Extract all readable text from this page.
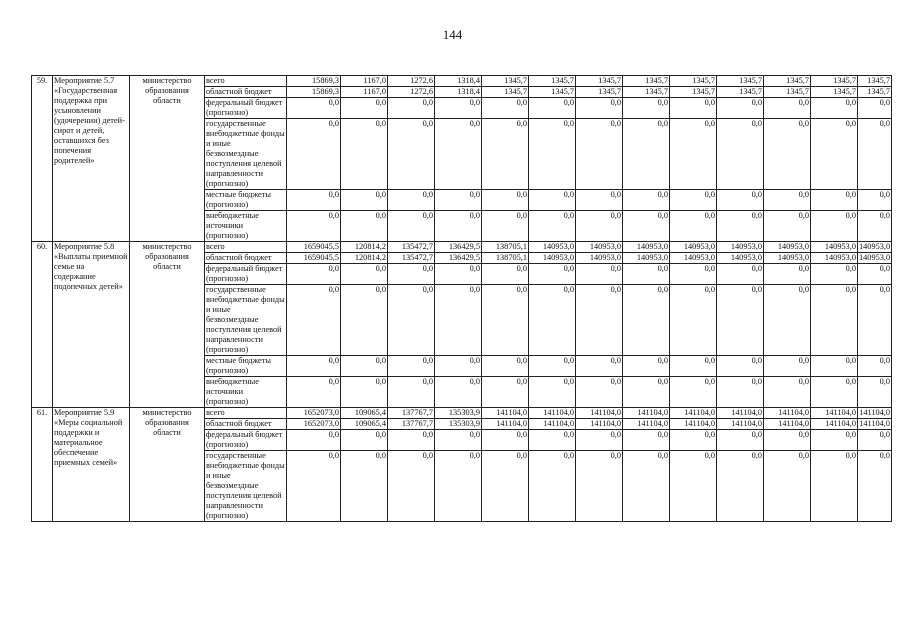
144
59.	Мероприятие 5.7 «Государственная поддержка при усыновлении (удочерении) детей-сирот и детей, оставшихся без попечения родителей»	министерство образования области	всего	15869,3	1167,0	1272,6	1318,4	1345,7	1345,7	1345,7	1345,7	1345,7	1345,7	1345,7	1345,7	1345,7
			областной бюджет	15869,3	1167,0	1272,6	1318,4	1345,7	1345,7	1345,7	1345,7	1345,7	1345,7	1345,7	1345,7	1345,7
			федеральный бюджет (прогнозно)	0,0	0,0	0,0	0,0	0,0	0,0	0,0	0,0	0,0	0,0	0,0	0,0	0,0
			государственные внебюджетные фонды и иные безвозмездные поступления целевой направленности (прогнозно)	0,0	0,0	0,0	0,0	0,0	0,0	0,0	0,0	0,0	0,0	0,0	0,0	0,0
			местные бюджеты (прогнозно)	0,0	0,0	0,0	0,0	0,0	0,0	0,0	0,0	0,0	0,0	0,0	0,0	0,0
			внебюджетные источники (прогнозно)	0,0	0,0	0,0	0,0	0,0	0,0	0,0	0,0	0,0	0,0	0,0	0,0	0,0
60.	Мероприятие 5.8 «Выплаты приемной семье на содержание подопечных детей»	министерство образования области	всего	1659045,5	120814,2	135472,7	136429,5	138705,1	140953,0	140953,0	140953,0	140953,0	140953,0	140953,0	140953,0	140953,0
			областной бюджет	1659045,5	120814,2	135472,7	136429,5	138705,1	140953,0	140953,0	140953,0	140953,0	140953,0	140953,0	140953,0	140953,0
			федеральный бюджет (прогнозно)	0,0	0,0	0,0	0,0	0,0	0,0	0,0	0,0	0,0	0,0	0,0	0,0	0,0
			государственные внебюджетные фонды и иные безвозмездные поступления целевой направленности (прогнозно)	0,0	0,0	0,0	0,0	0,0	0,0	0,0	0,0	0,0	0,0	0,0	0,0	0,0
			местные бюджеты (прогнозно)	0,0	0,0	0,0	0,0	0,0	0,0	0,0	0,0	0,0	0,0	0,0	0,0	0,0
			внебюджетные источники (прогнозно)	0,0	0,0	0,0	0,0	0,0	0,0	0,0	0,0	0,0	0,0	0,0	0,0	0,0
61.	Мероприятие 5.9 «Меры социальной поддержки и материальное обеспечение приемных семей»	министерство образования области	всего	1652073,0	109065,4	137767,7	135303,9	141104,0	141104,0	141104,0	141104,0	141104,0	141104,0	141104,0	141104,0	141104,0
			областной бюджет	1652073,0	109065,4	137767,7	135303,9	141104,0	141104,0	141104,0	141104,0	141104,0	141104,0	141104,0	141104,0	141104,0
			федеральный бюджет (прогнозно)	0,0	0,0	0,0	0,0	0,0	0,0	0,0	0,0	0,0	0,0	0,0	0,0	0,0
			государственные внебюджетные фонды и иные безвозмездные поступления целевой направленности (прогнозно)	0,0	0,0	0,0	0,0	0,0	0,0	0,0	0,0	0,0	0,0	0,0	0,0	0,0
